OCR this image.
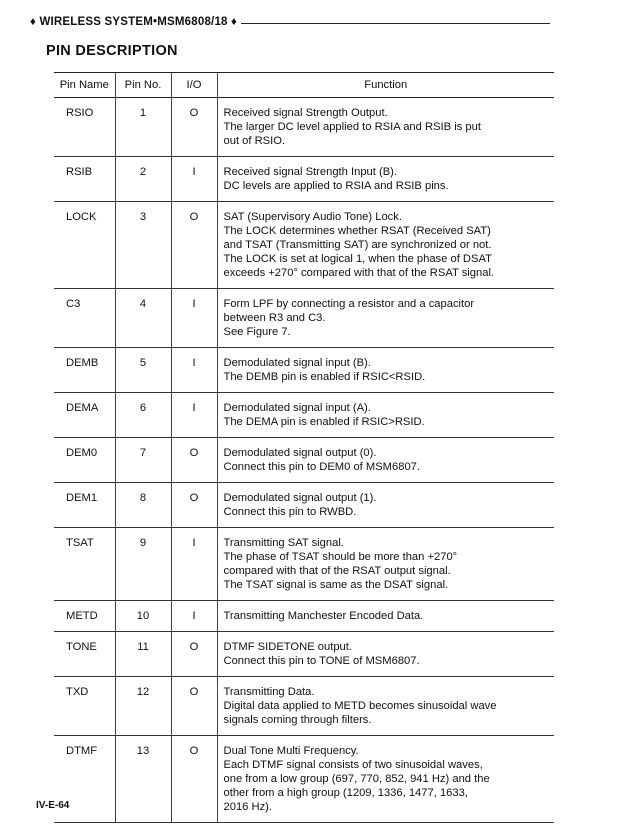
♦ WIRELESS SYSTEM•MSM6808/18 ♦
PIN DESCRIPTION
Pin Name	Pin No.	I/O	Function
RSIO	1	O	Received signal Strength Output.
The larger DC level applied to RSIA and RSIB is put
out of RSIO.
RSIB	2	I	Received signal Strength Input (B).
DC levels are applied to RSIA and RSIB pins.
LOCK	3	O	SAT (Supervisory Audio Tone) Lock.
The LOCK determines whether RSAT (Received SAT)
and TSAT (Transmitting SAT) are synchronized or not.
The LOCK is set at logical 1, when the phase of DSAT
exceeds +270° compared with that of the RSAT signal.
C3	4	I	Form LPF by connecting a resistor and a capacitor
between R3 and C3.
See Figure 7.
DEMB	5	I	Demodulated signal input (B).
The DEMB pin is enabled if RSIC<RSID.
DEMA	6	I	Demodulated signal input (A).
The DEMA pin is enabled if RSIC>RSID.
DEM0	7	O	Demodulated signal output (0).
Connect this pin to DEM0 of MSM6807.
DEM1	8	O	Demodulated signal output (1).
Connect this pin to RWBD.
TSAT	9	I	Transmitting SAT signal.
The phase of TSAT should be more than +270°
compared with that of the RSAT output signal.
The TSAT signal is same as the DSAT signal.
METD	10	I	Transmitting Manchester Encoded Data.
TONE	11	O	DTMF SIDETONE output.
Connect this pin to TONE of MSM6807.
TXD	12	O	Transmitting Data.
Digital data applied to METD becomes sinusoidal wave
signals coming through filters.
DTMF	13	O	Dual Tone Multi Frequency.
Each DTMF signal consists of two sinusoidal waves,
one from a low group (697, 770, 852, 941 Hz) and the
other from a high group (1209, 1336, 1477, 1633,
2016 Hz).
IV-E-64
